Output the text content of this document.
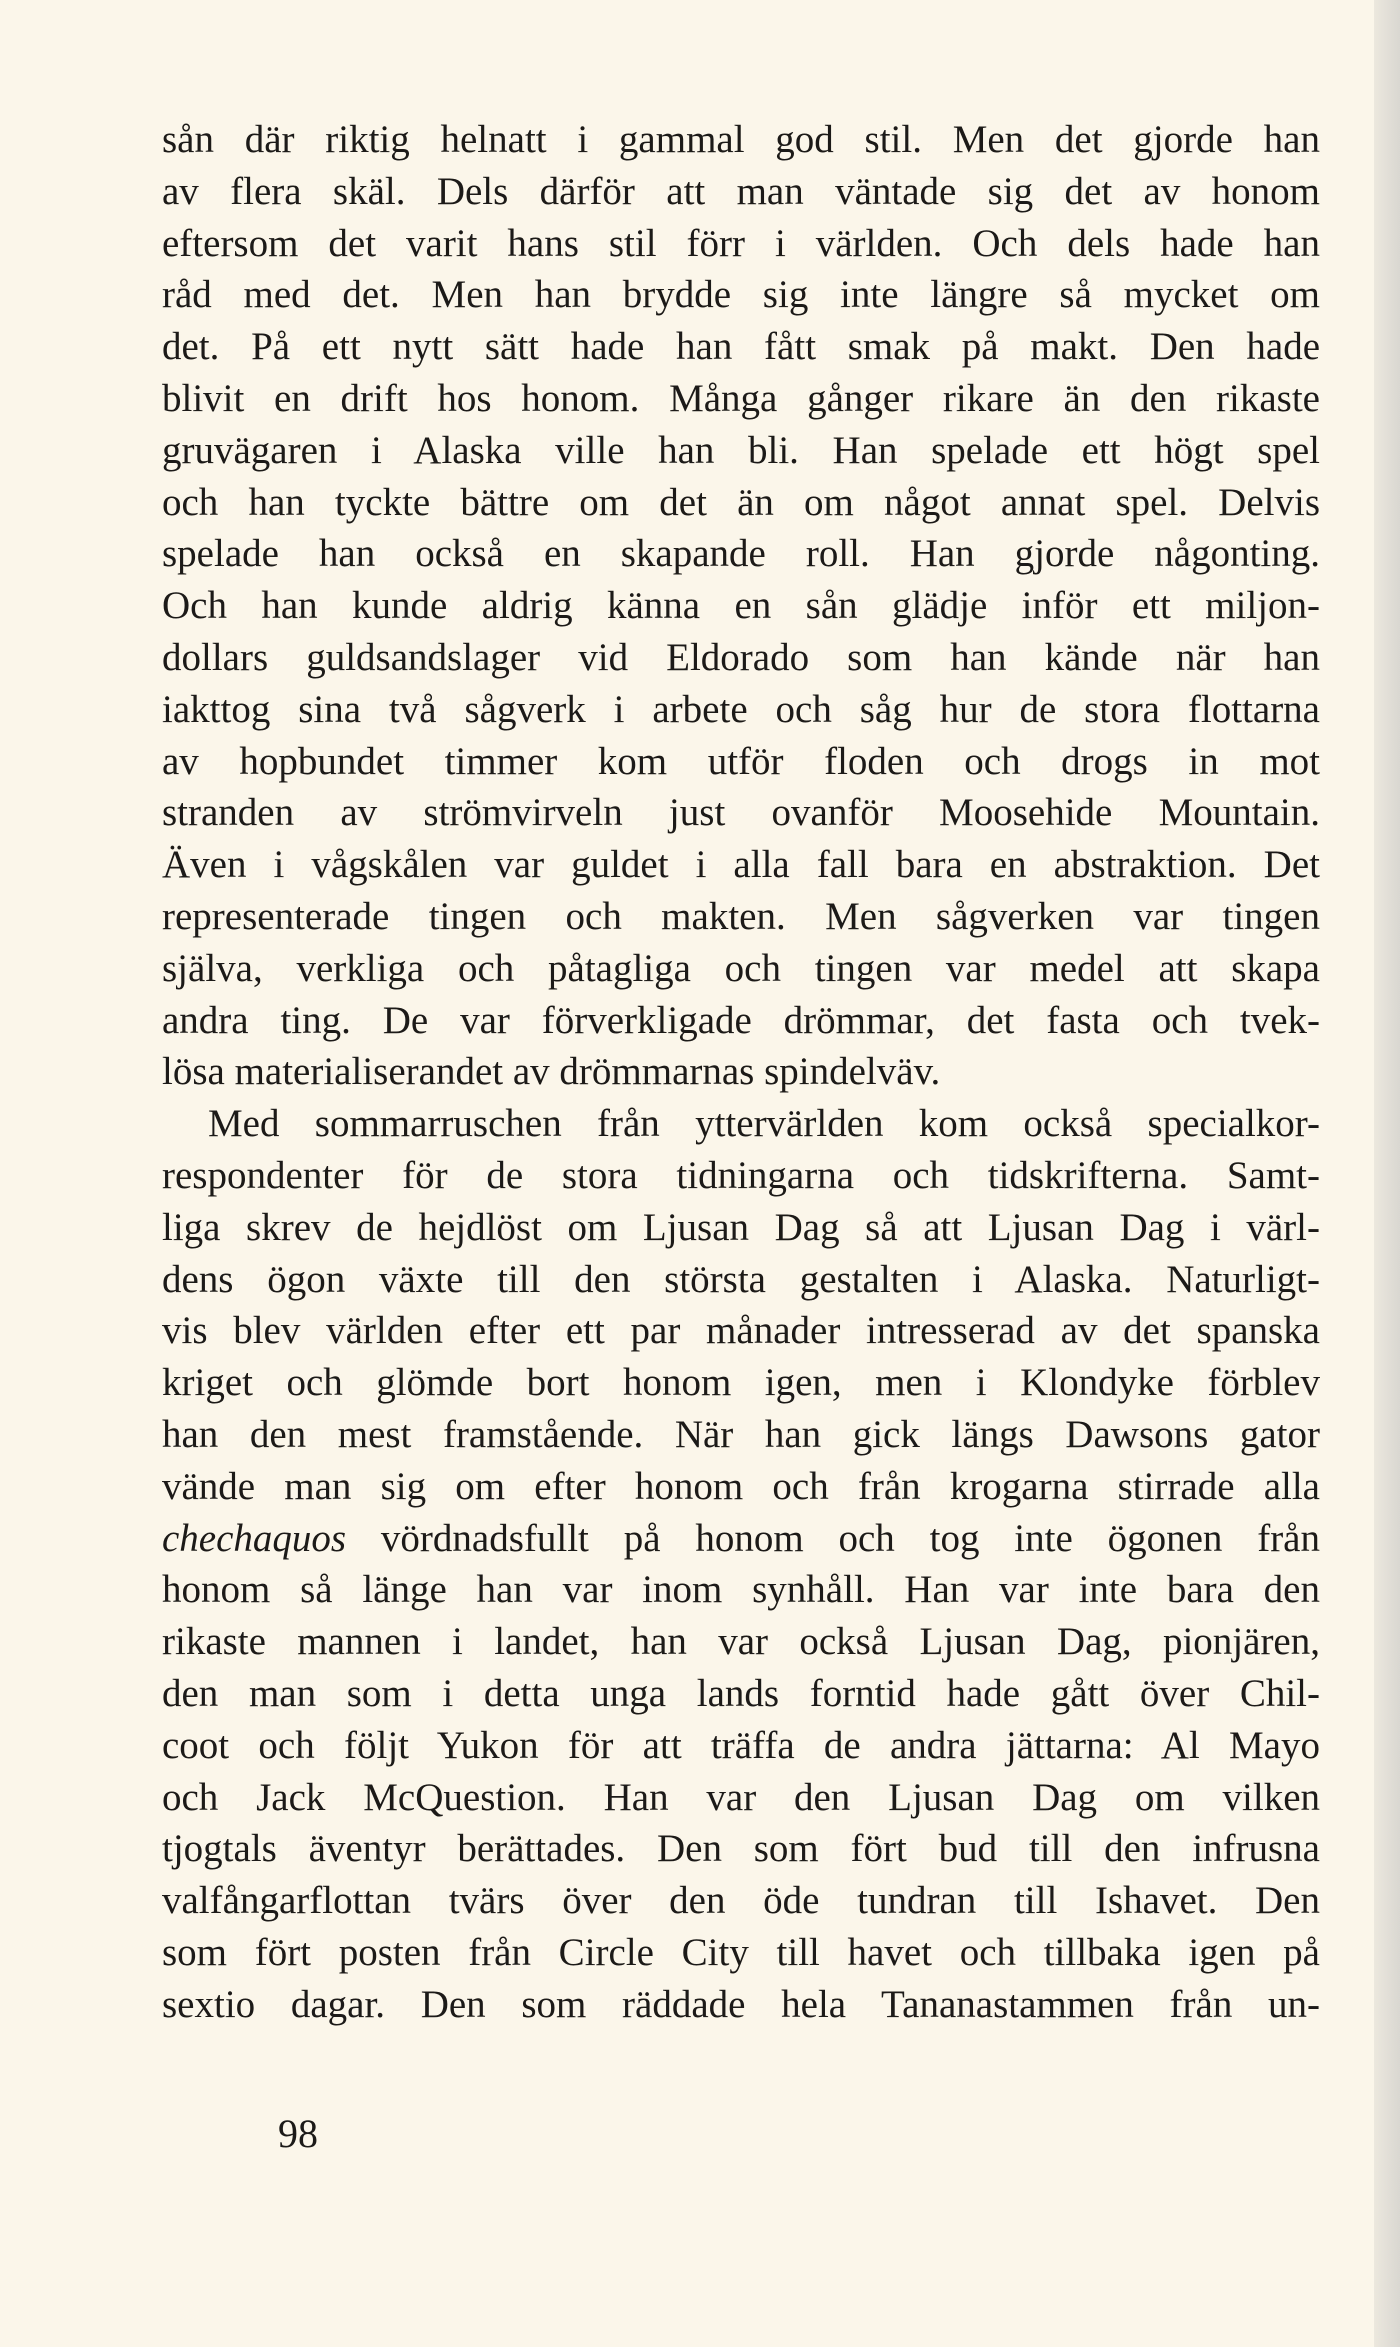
sån där riktig helnatt i gammal god stil. Men det gjorde han
av flera skäl. Dels därför att man väntade sig det av honom
eftersom det varit hans stil förr i världen. Och dels hade han
råd med det. Men han brydde sig inte längre så mycket om
det. På ett nytt sätt hade han fått smak på makt. Den hade
blivit en drift hos honom. Många gånger rikare än den rikaste
gruvägaren i Alaska ville han bli. Han spelade ett högt spel
och han tyckte bättre om det än om något annat spel. Delvis
spelade han också en skapande roll. Han gjorde någonting.
Och han kunde aldrig känna en sån glädje inför ett miljon-
dollars guldsandslager vid Eldorado som han kände när han
iakttog sina två sågverk i arbete och såg hur de stora flottarna
av hopbundet timmer kom utför floden och drogs in mot
stranden av strömvirveln just ovanför Moosehide Mountain.
Även i vågskålen var guldet i alla fall bara en abstraktion. Det
representerade tingen och makten. Men sågverken var tingen
själva, verkliga och påtagliga och tingen var medel att skapa
andra ting. De var förverkligade drömmar, det fasta och tvek-
lösa materialiserandet av drömmarnas spindelväv.
Med sommarruschen från yttervärlden kom också specialkor-
respondenter för de stora tidningarna och tidskrifterna. Samt-
liga skrev de hejdlöst om Ljusan Dag så att Ljusan Dag i värl-
dens ögon växte till den största gestalten i Alaska. Naturligt-
vis blev världen efter ett par månader intresserad av det spanska
kriget och glömde bort honom igen, men i Klondyke förblev
han den mest framstående. När han gick längs Dawsons gator
vände man sig om efter honom och från krogarna stirrade alla
chechaquos vördnadsfullt på honom och tog inte ögonen från
honom så länge han var inom synhåll. Han var inte bara den
rikaste mannen i landet, han var också Ljusan Dag, pionjären,
den man som i detta unga lands forntid hade gått över Chil-
coot och följt Yukon för att träffa de andra jättarna: Al Mayo
och Jack McQuestion. Han var den Ljusan Dag om vilken
tjogtals äventyr berättades. Den som fört bud till den infrusna
valfångarflottan tvärs över den öde tundran till Ishavet. Den
som fört posten från Circle City till havet och tillbaka igen på
sextio dagar. Den som räddade hela Tananastammen från un-
98
